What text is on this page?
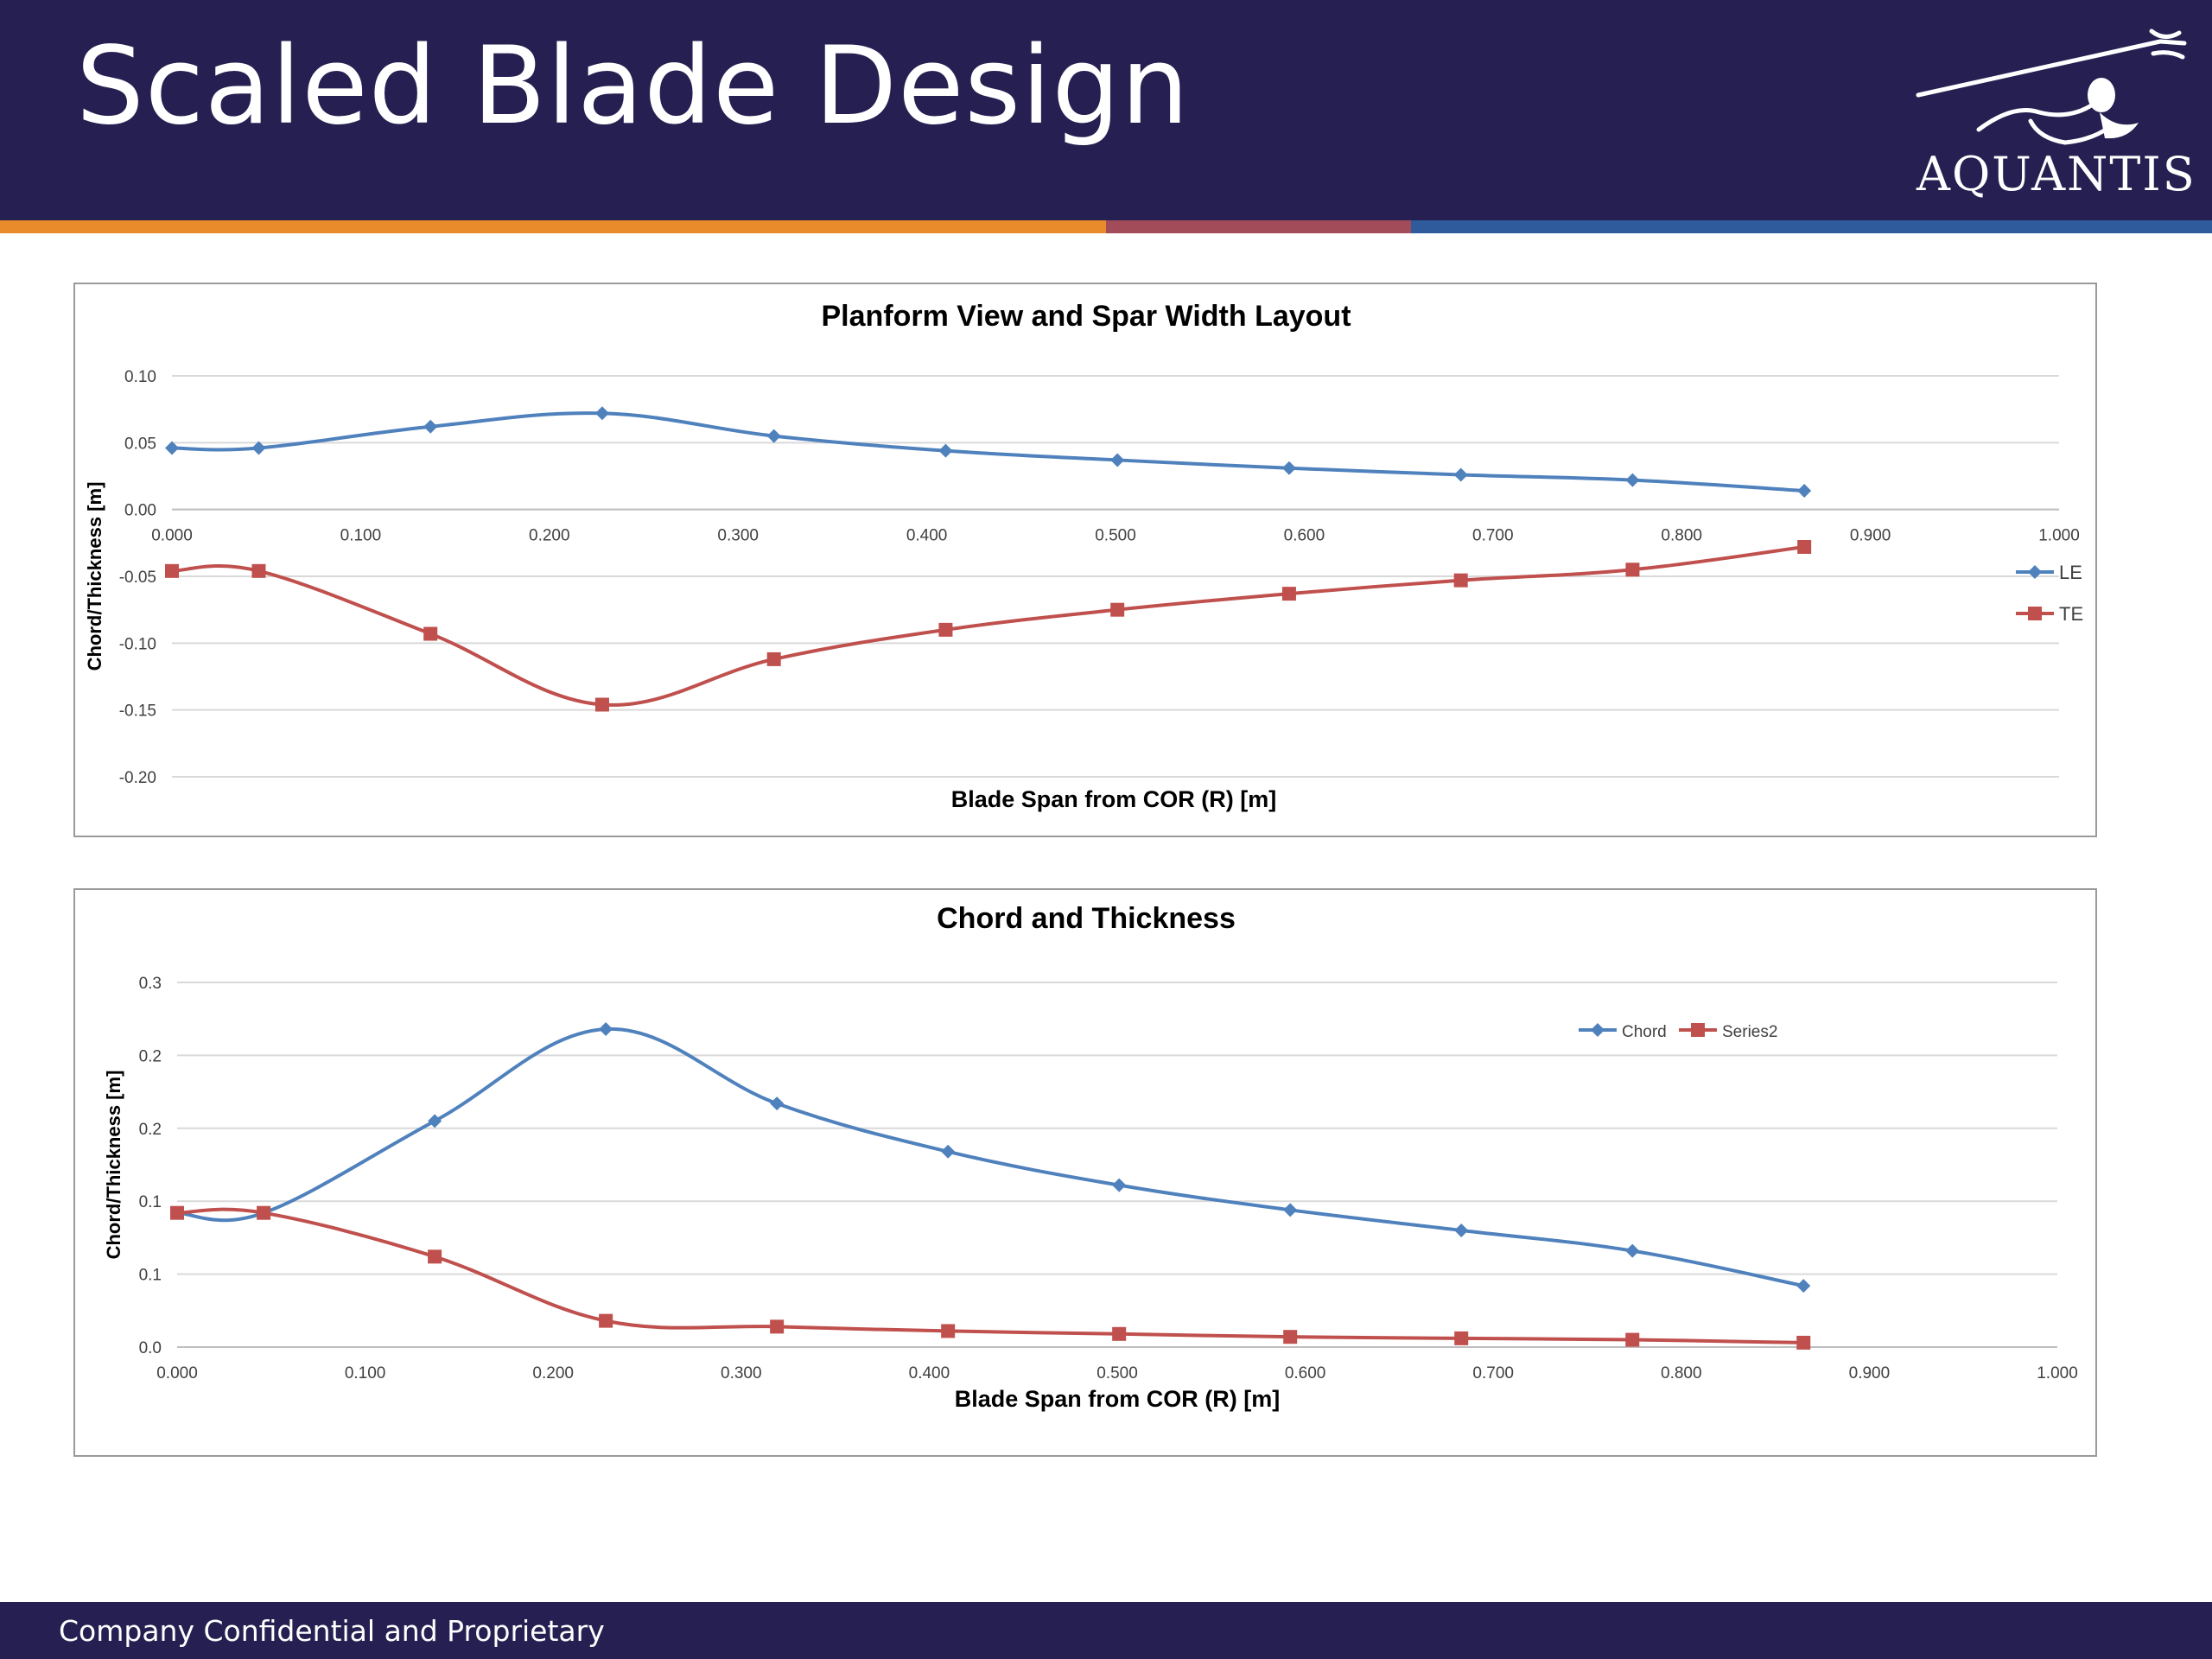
Scaled Blade Design
AQUANTIS
Planform View and Spar Width Layout
0.10
0.05
0.00
-0.05
-0.10
-0.15
-0.20
0.000	0.100	0.200	0.300	0.400	0.500	0.600	0.700	0.800	0.900	1.000
Blade Span from COR (R) [m]
Chord/Thickness [m]	LE
TE
Chord and Thickness
0.0
0.1
0.1
0.2
0.2
0.3
0.000	0.100	0.200	0.300	0.400	0.500	0.600	0.700	0.800	0.900	1.000
Blade Span from COR (R) [m]
Chord/Thickness [m]
Chord	Series2
Company Confidential and Proprietary
